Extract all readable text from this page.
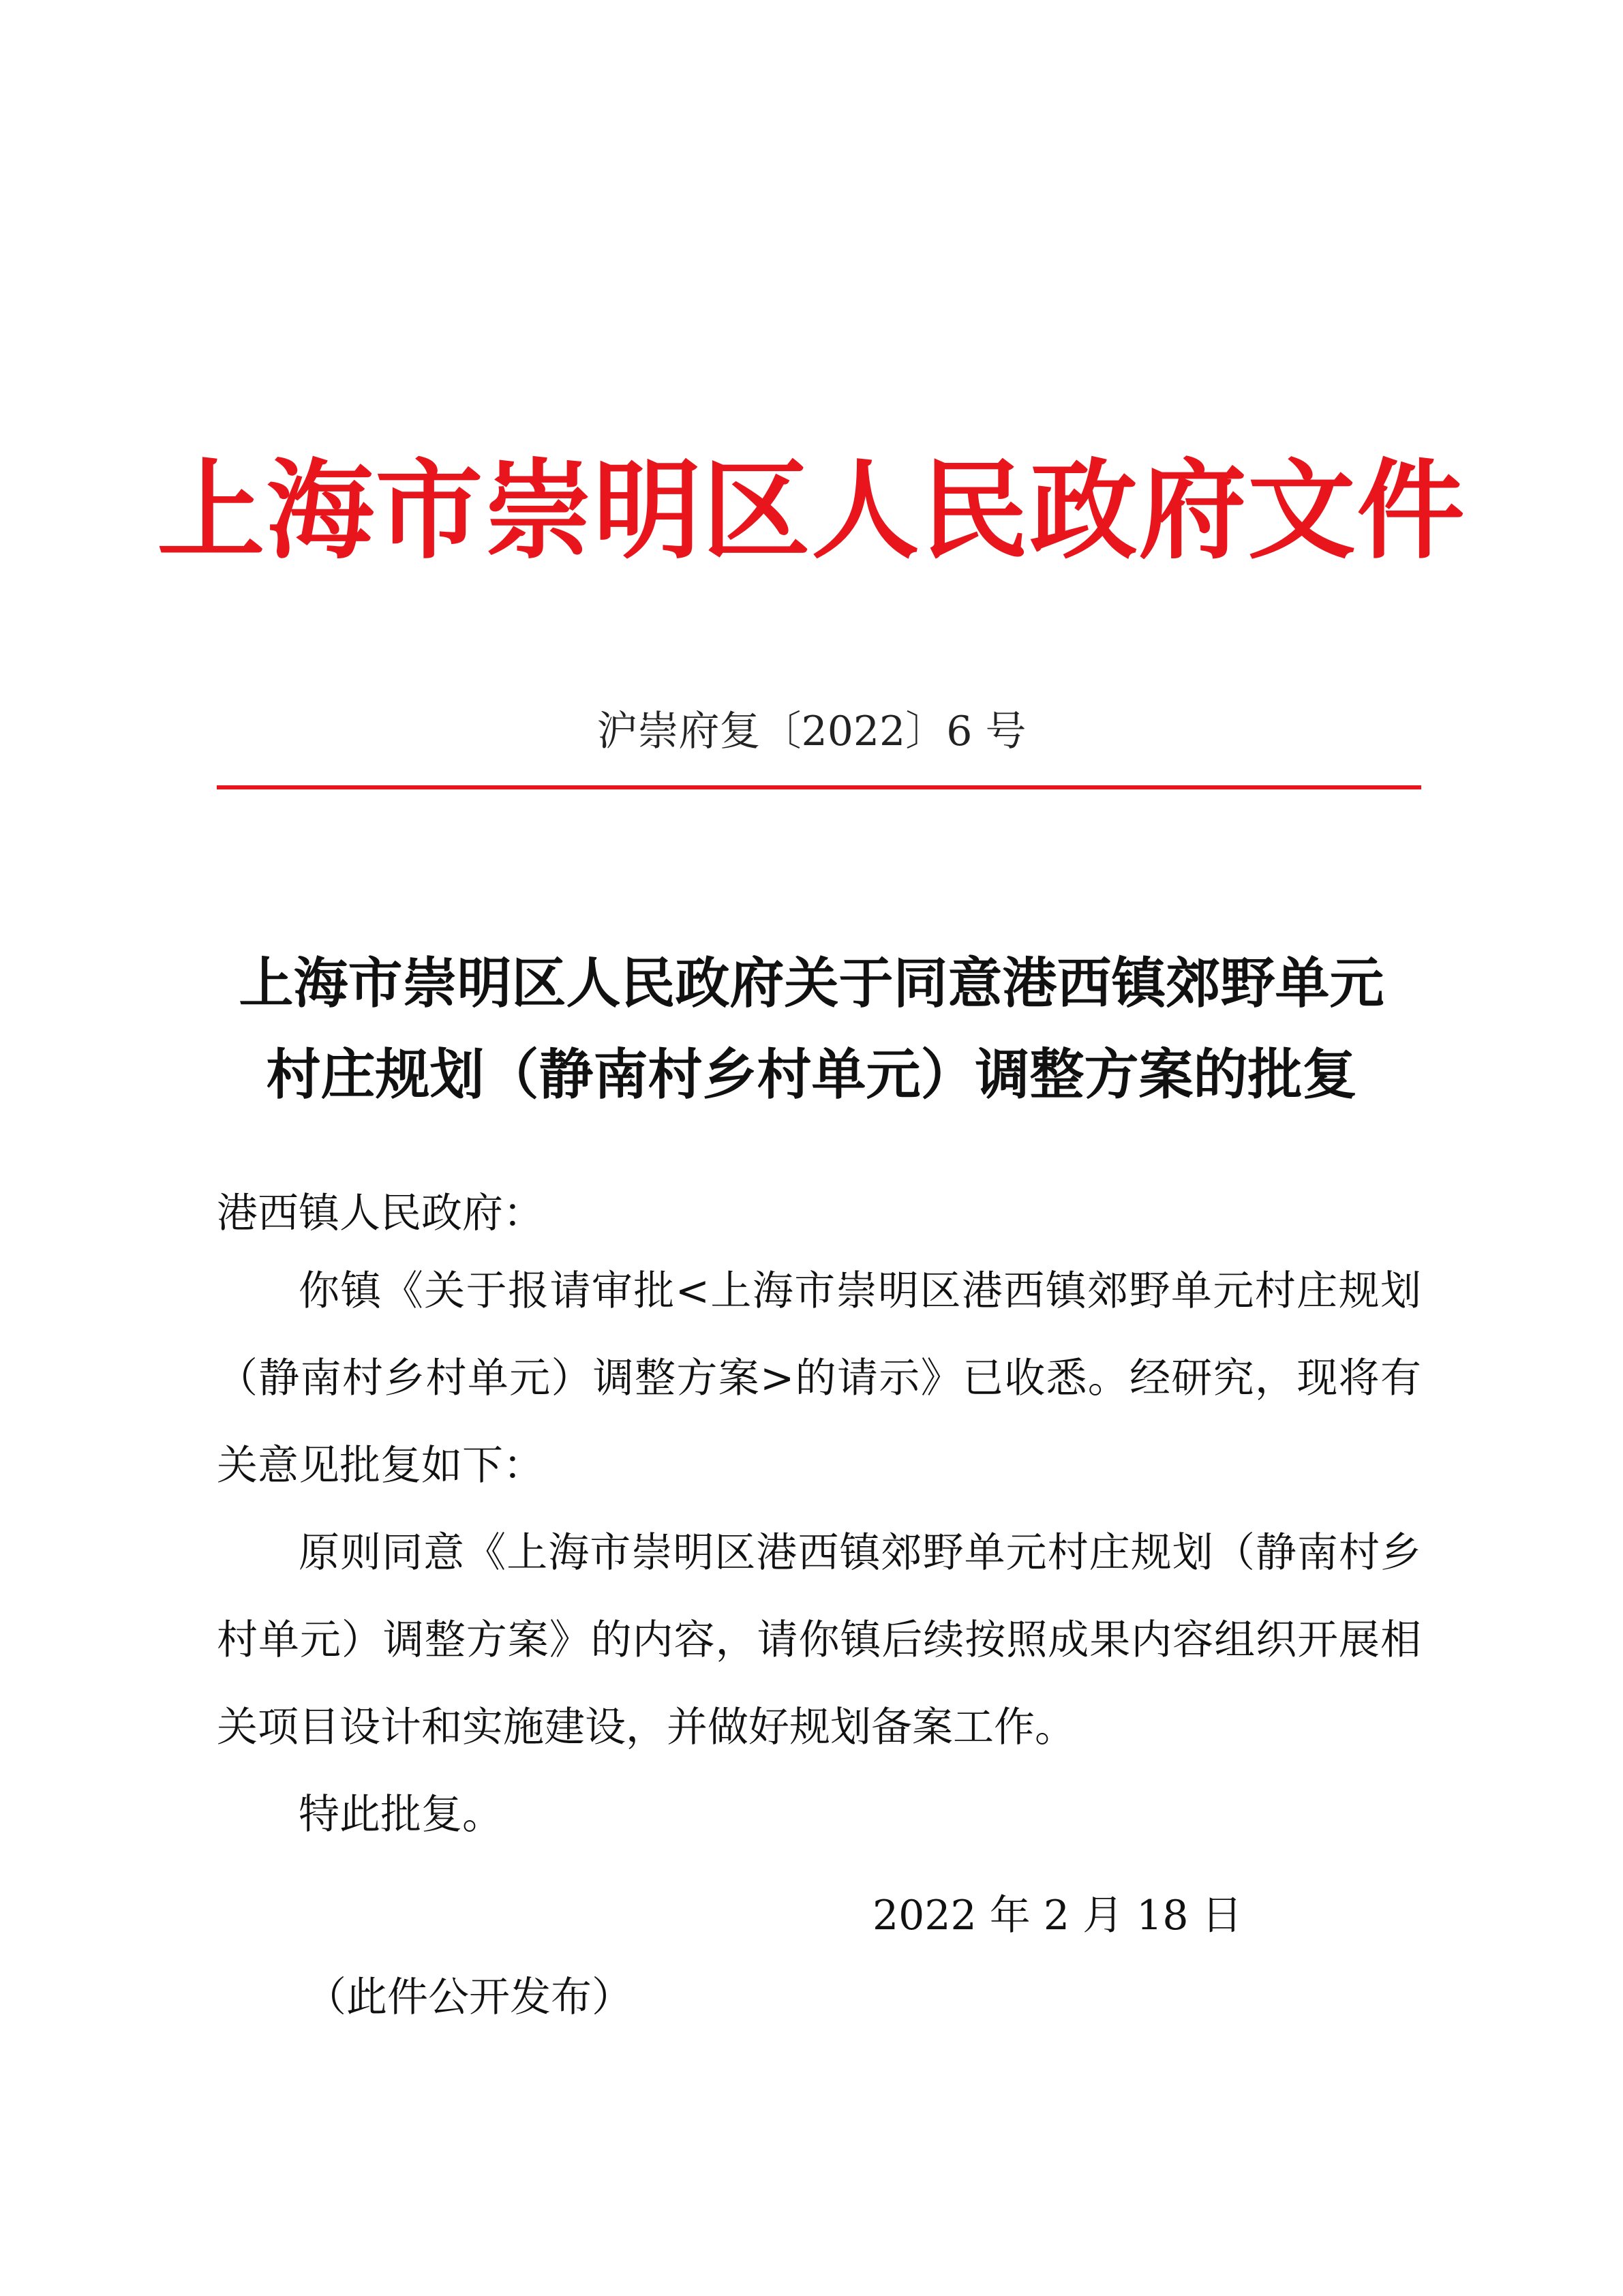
上海市崇明区人民政府文件
沪崇府复〔2022〕6 号
上海市崇明区人民政府关于同意港西镇郊野单元
村庄规划（静南村乡村单元）调整方案的批复
港西镇人民政府：

你镇《关于报请审批<上海市崇明区港西镇郊野单元村庄规划（静南村乡村单元）调整方案>的请示》已收悉。经研究，现将有关意见批复如下：

原则同意《上海市崇明区港西镇郊野单元村庄规划（静南村乡村单元）调整方案》的内容，请你镇后续按照成果内容组织开展相关项目设计和实施建设，并做好规划备案工作。

特此批复。

2022 年 2 月 18 日
（此件公开发布）
